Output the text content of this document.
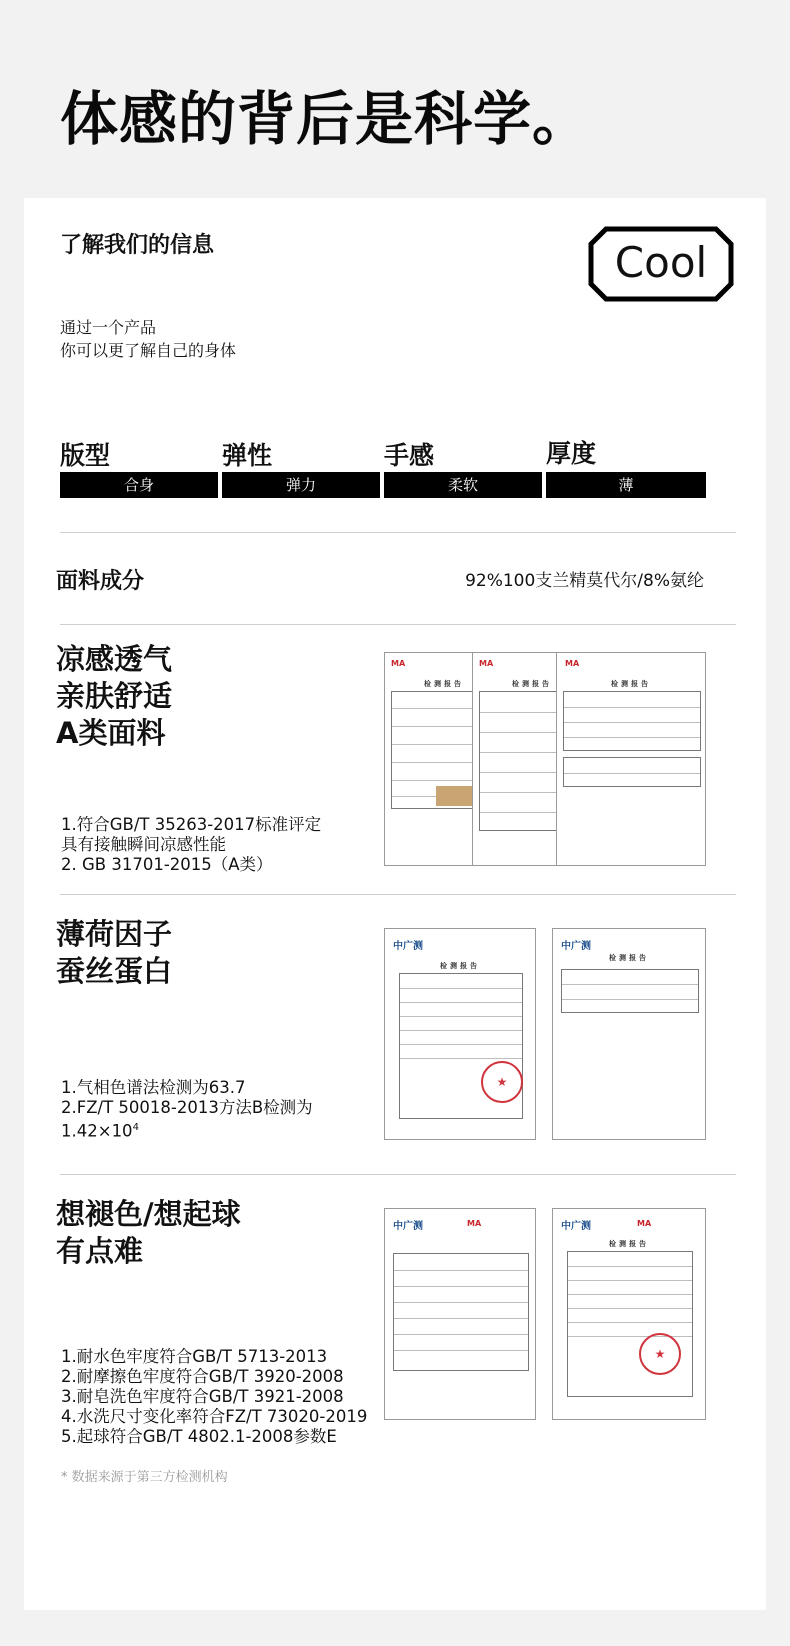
体感的背后是科学。
了解我们的信息	Cool
通过一个产品
你可以更了解自己的身体
版型	弹性	手感	厚度
合身	弹力	柔软	薄
面料成分	92%100支兰精莫代尔/8%氨纶
凉感透气
亲肤舒适
A类面料
1.符合GB/T 35263-2017标准评定
具有接触瞬间凉感性能
2. GB 31701-2015（A类）
MA
检测报告
MA
检测报告
MA
检测报告
薄荷因子
蚕丝蛋白
1.气相色谱法检测为63.7
2.FZ/T 50018-2013方法B检测为
$1.42\times 10^4$
中广测
检测报告
★
中广测
检测报告
想褪色/想起球
有点难
1.耐水色牢度符合GB/T 5713-2013
2.耐摩擦色牢度符合GB/T 3920-2008
3.耐皂洗色牢度符合GB/T 3921-2008
4.水洗尺寸变化率符合FZ/T 73020-2019
5.起球符合GB/T 4802.1-2008参数E
中广测	MA	中广测	MA
检测报告
★
* 数据来源于第三方检测机构
